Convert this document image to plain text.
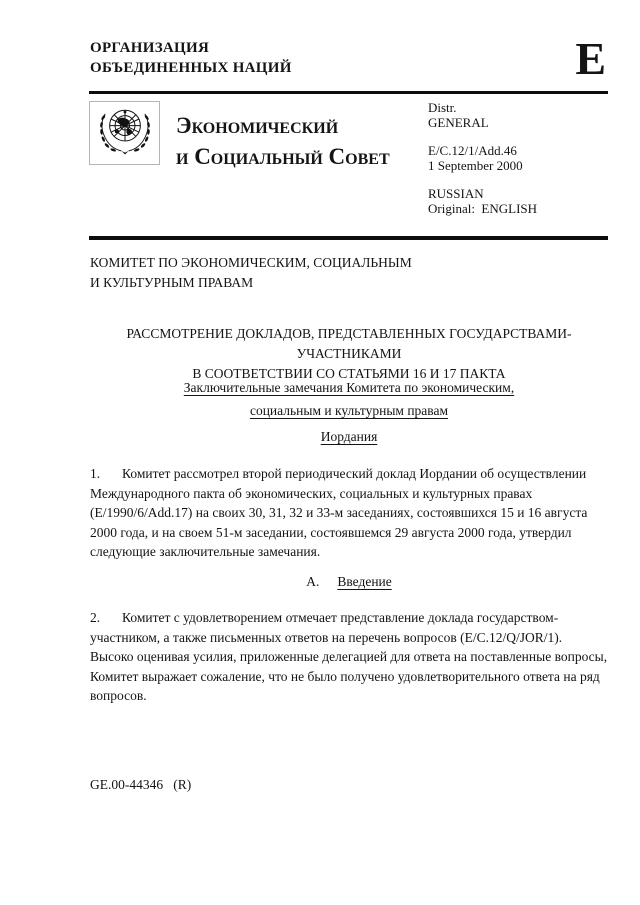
ОРГАНИЗАЦИЯ
ОБЪЕДИНЕННЫХ НАЦИЙ	E
Экономический
и Социальный Совет
Distr.
GENERAL
E/C.12/1/Add.46
1 September 2000
RUSSIAN
Original:  ENGLISH
КОМИТЕТ ПО ЭКОНОМИЧЕСКИМ, СОЦИАЛЬНЫМ
И КУЛЬТУРНЫМ ПРАВАМ
РАССМОТРЕНИЕ ДОКЛАДОВ, ПРЕДСТАВЛЕННЫХ ГОСУДАРСТВАМИ-УЧАСТНИКАМИ
В СООТВЕТСТВИИ СО СТАТЬЯМИ 16 И 17 ПАКТА
Заключительные замечания Комитета по экономическим,
социальным и культурным правам
Иордания

1. Комитет рассмотрел второй периодический доклад Иордании об осуществлении Международного пакта об экономических, социальных и культурных правах (E/1990/6/Add.17) на своих 30, 31, 32 и 33-м заседаниях, состоявшихся 15 и 16 августа 2000 года, и на своем 51-м заседании, состоявшемся 29 августа 2000 года, утвердил следующие заключительные замечания.

A. Введение

2. Комитет с удовлетворением отмечает представление доклада государством-участником, а также письменных ответов на перечень вопросов (E/C.12/Q/JOR/1). Высоко оценивая усилия, приложенные делегацией для ответа на поставленные вопросы, Комитет выражает сожаление, что не было получено удовлетворительного ответа на ряд вопросов.

GE.00-44346   (R)
